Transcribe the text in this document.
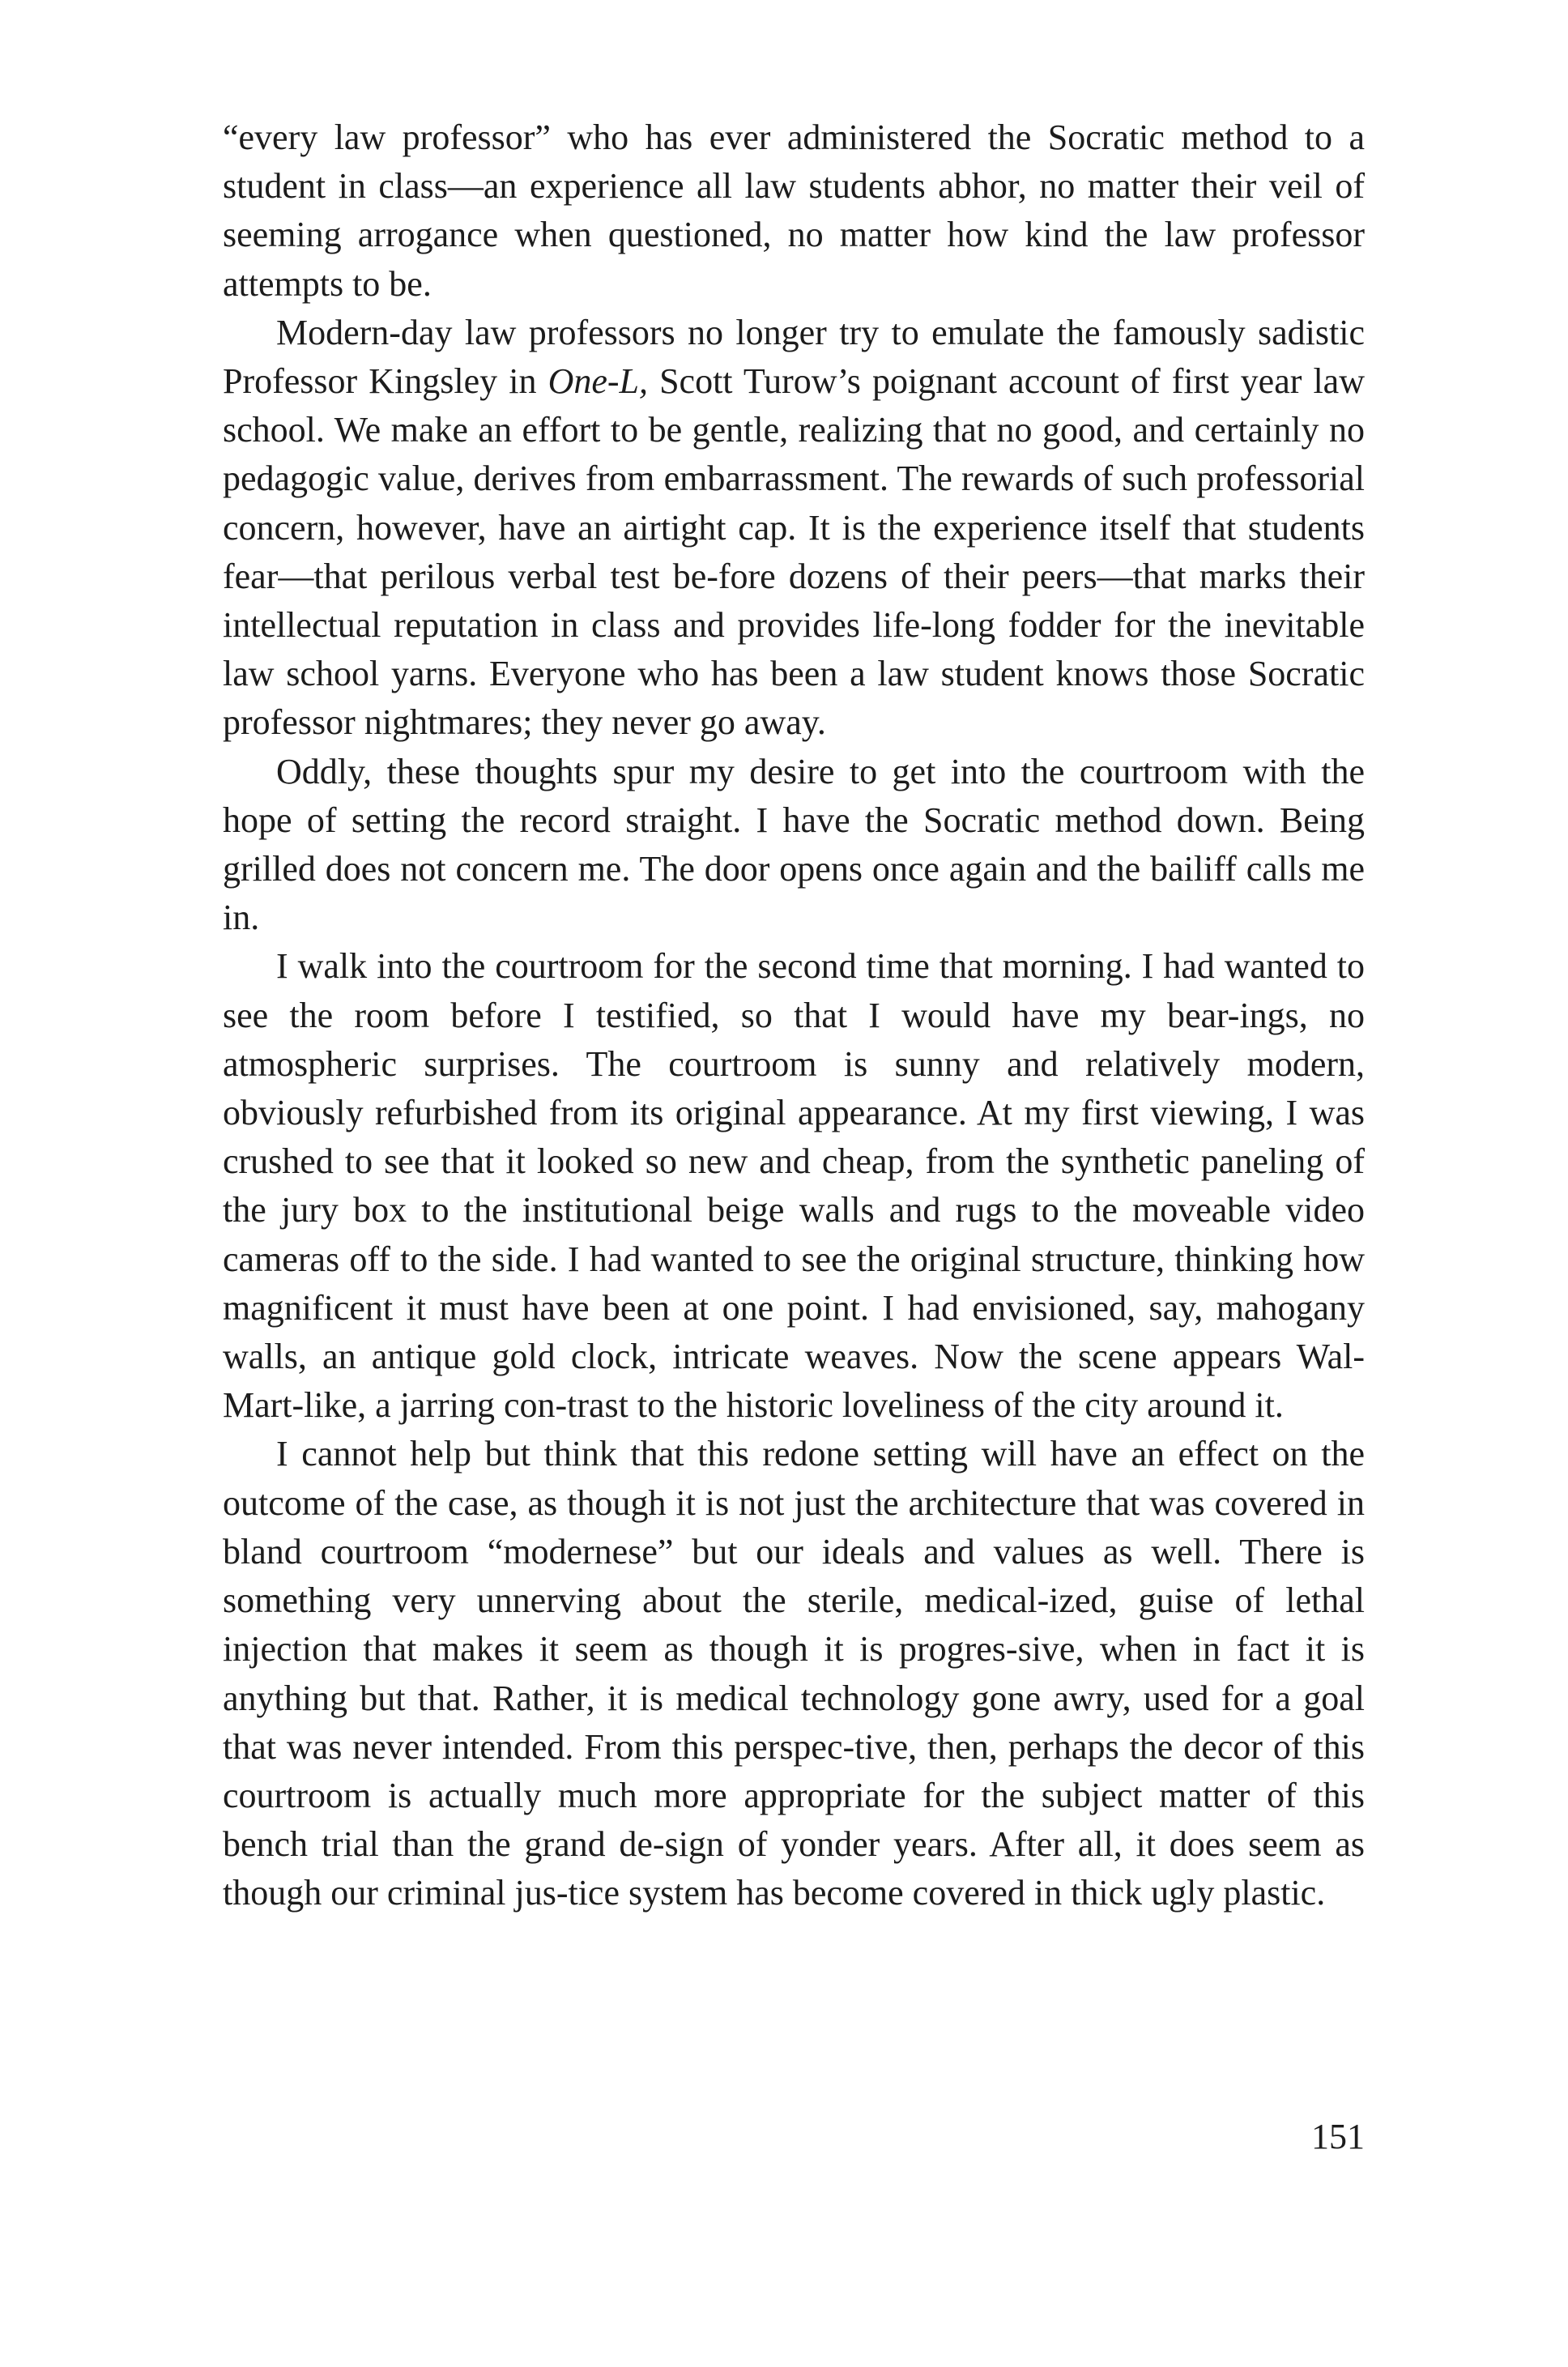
“every law professor” who has ever administered the Socratic method to a student in class—an experience all law students abhor, no matter their veil of seeming arrogance when questioned, no matter how kind the law professor attempts to be.

Modern-day law professors no longer try to emulate the famously sadistic Professor Kingsley in One-L, Scott Turow’s poignant account of first year law school. We make an effort to be gentle, realizing that no good, and certainly no pedagogic value, derives from embarrassment. The rewards of such professorial concern, however, have an airtight cap. It is the experience itself that students fear—that perilous verbal test be-fore dozens of their peers—that marks their intellectual reputation in class and provides life-long fodder for the inevitable law school yarns. Everyone who has been a law student knows those Socratic professor nightmares; they never go away.

Oddly, these thoughts spur my desire to get into the courtroom with the hope of setting the record straight. I have the Socratic method down. Being grilled does not concern me. The door opens once again and the bailiff calls me in.

I walk into the courtroom for the second time that morning. I had wanted to see the room before I testified, so that I would have my bear-ings, no atmospheric surprises. The courtroom is sunny and relatively modern, obviously refurbished from its original appearance. At my first viewing, I was crushed to see that it looked so new and cheap, from the synthetic paneling of the jury box to the institutional beige walls and rugs to the moveable video cameras off to the side. I had wanted to see the original structure, thinking how magnificent it must have been at one point. I had envisioned, say, mahogany walls, an antique gold clock, intricate weaves. Now the scene appears Wal-Mart-like, a jarring con-trast to the historic loveliness of the city around it.

I cannot help but think that this redone setting will have an effect on the outcome of the case, as though it is not just the architecture that was covered in bland courtroom “modernese” but our ideals and values as well. There is something very unnerving about the sterile, medical-ized, guise of lethal injection that makes it seem as though it is progres-sive, when in fact it is anything but that. Rather, it is medical technology gone awry, used for a goal that was never intended. From this perspec-tive, then, perhaps the decor of this courtroom is actually much more appropriate for the subject matter of this bench trial than the grand de-sign of yonder years. After all, it does seem as though our criminal jus-tice system has become covered in thick ugly plastic.

151
